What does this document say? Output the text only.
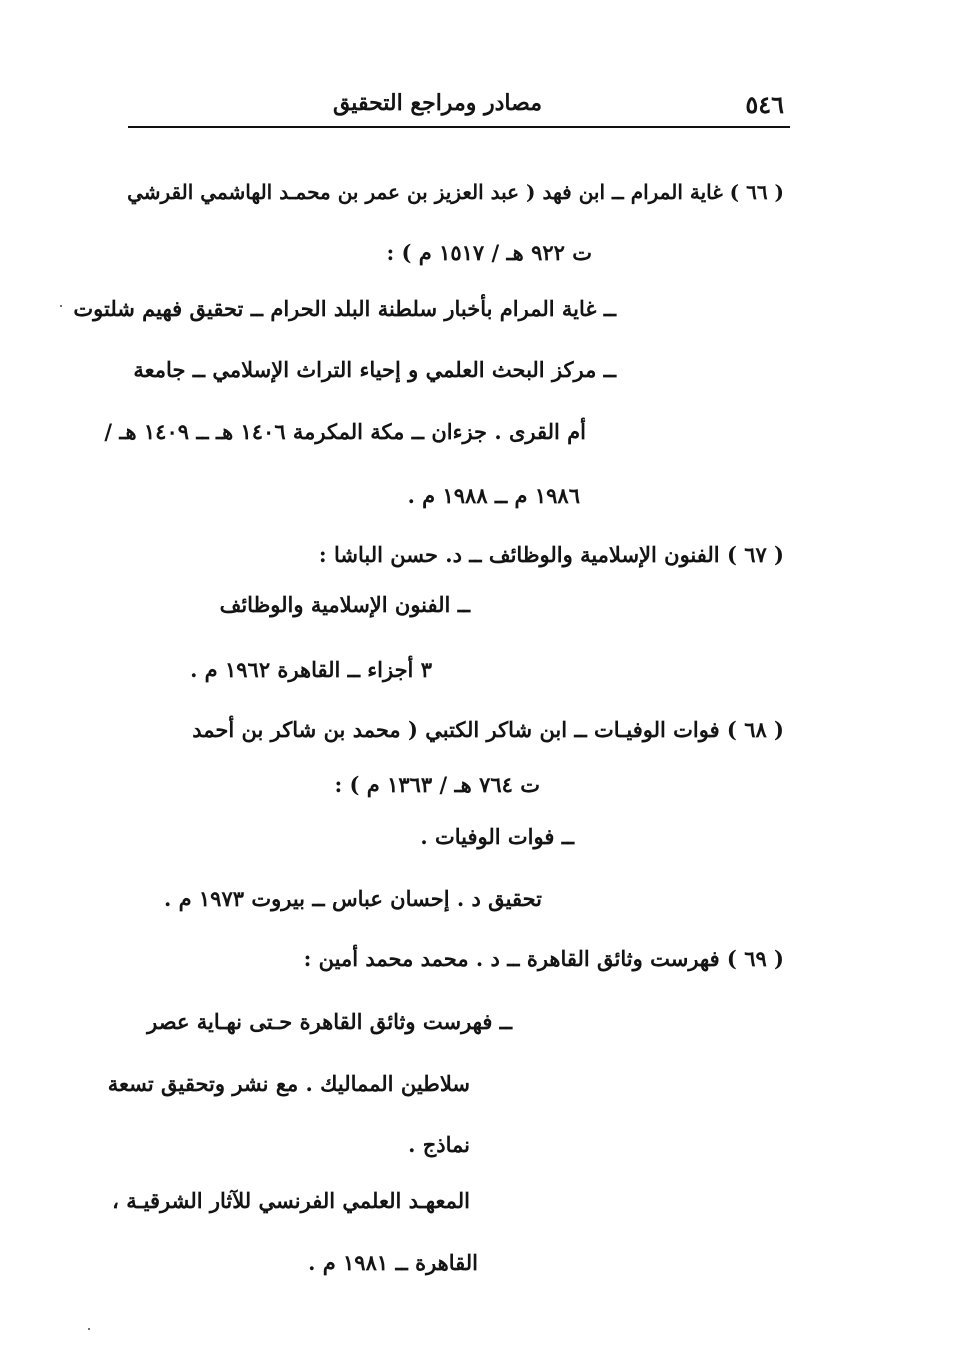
٥٤٦
مصادر ومراجع التحقيق
( ٦٦ ) غاية المرام ــ ابن فهد ( عبد العزيز بن عمر بن محمـد الهاشمي القرشي
ت ٩٢٢ هـ / ١٥١٧ م ) :
ــ غاية المرام بأخبار سلطنة البلد الحرام ــ تحقيق فهيم شلتوت
ــ مركز البحث العلمي و إحياء التراث الإسلامي ــ جامعة
أم القرى . جزءان ــ مكة المكرمة ١٤٠٦ هـ ــ ١٤٠٩ هـ /
١٩٨٦ م ــ ١٩٨٨ م .
( ٦٧ ) الفنون الإسلامية والوظائف ــ د. حسن الباشا :
ــ الفنون الإسلامية والوظائف
٣ أجزاء ــ القاهرة ١٩٦٢ م .
( ٦٨ ) فوات الوفيـات ــ ابن شاكر الكتبي ( محمد بن شاكر بن أحمد
ت ٧٦٤ هـ / ١٣٦٣ م ) :
ــ فوات الوفيات .
تحقيق د . إحسان عباس ــ بيروت ١٩٧٣ م .
( ٦٩ ) فهرست وثائق القاهرة ــ د . محمد محمد أمين :
ــ فهرست وثائق القاهرة حـتى نهـاية عصر
سلاطين المماليك . مع نشر وتحقيق تسعة
نماذج .
المعهـد العلمي الفرنسي للآثار الشرقيـة ،
القاهرة ــ ١٩٨١ م .
